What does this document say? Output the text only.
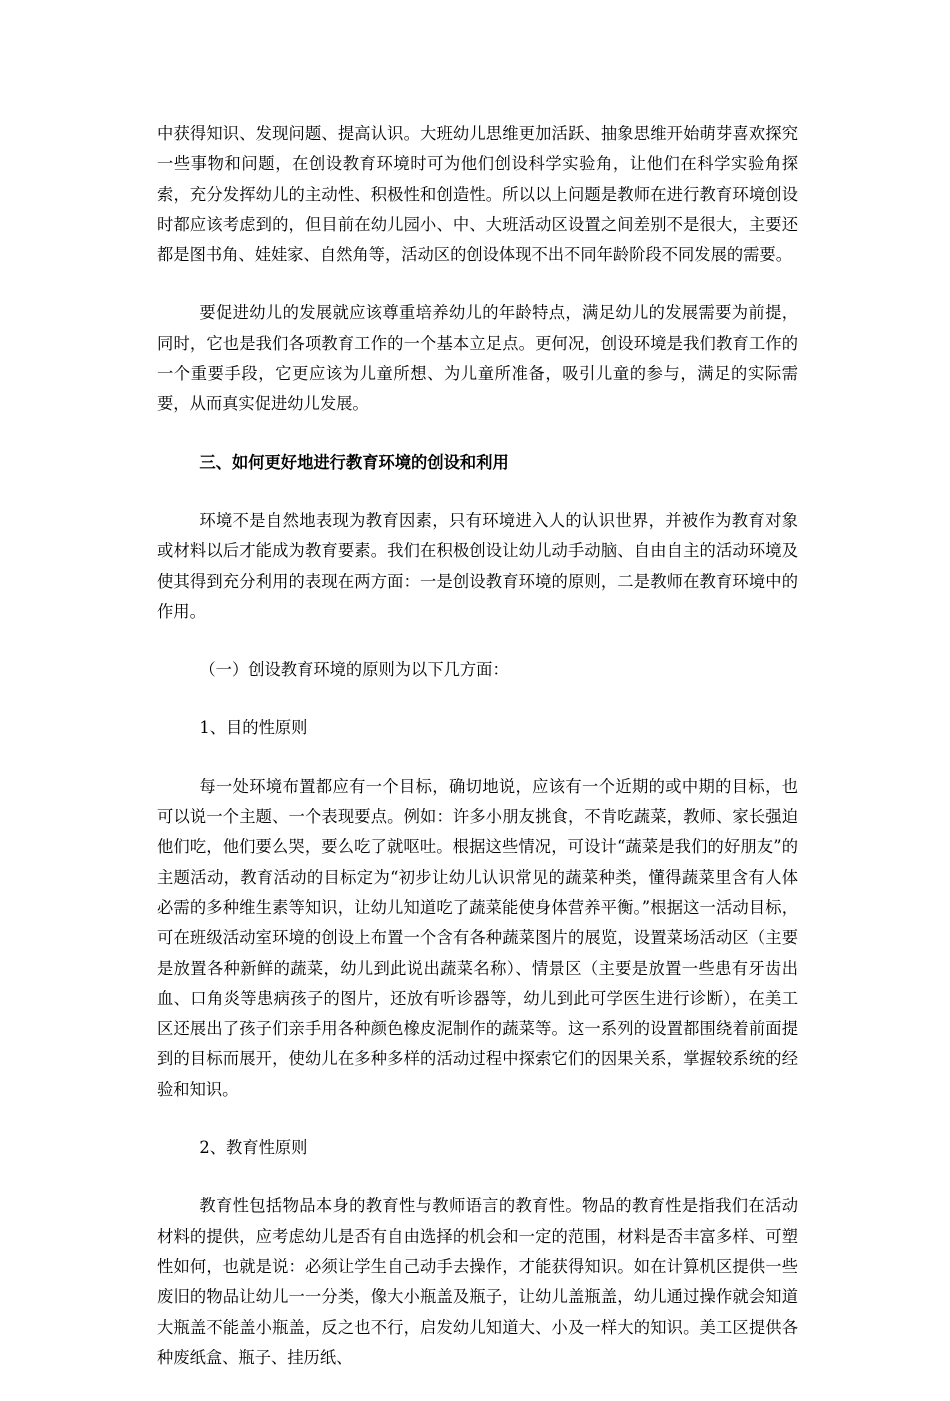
中获得知识、发现问题、提高认识。大班幼儿思维更加活跃、抽象思维开始萌芽喜欢探究一些事物和问题，在创设教育环境时可为他们创设科学实验角，让他们在科学实验角探索，充分发挥幼儿的主动性、积极性和创造性。所以以上问题是教师在进行教育环境创设时都应该考虑到的，但目前在幼儿园小、中、大班活动区设置之间差别不是很大，主要还都是图书角、娃娃家、自然角等，活动区的创设体现不出不同年龄阶段不同发展的需要。

要促进幼儿的发展就应该尊重培养幼儿的年龄特点，满足幼儿的发展需要为前提，同时，它也是我们各项教育工作的一个基本立足点。更何况，创设环境是我们教育工作的一个重要手段，它更应该为儿童所想、为儿童所准备，吸引儿童的参与，满足的实际需要，从而真实促进幼儿发展。

三、如何更好地进行教育环境的创设和利用

环境不是自然地表现为教育因素，只有环境进入人的认识世界，并被作为教育对象或材料以后才能成为教育要素。我们在积极创设让幼儿动手动脑、自由自主的活动环境及使其得到充分利用的表现在两方面：一是创设教育环境的原则，二是教师在教育环境中的作用。

（一）创设教育环境的原则为以下几方面：

1、目的性原则

每一处环境布置都应有一个目标，确切地说，应该有一个近期的或中期的目标，也可以说一个主题、一个表现要点。例如：许多小朋友挑食，不肯吃蔬菜，教师、家长强迫他们吃，他们要么哭，要么吃了就呕吐。根据这些情况，可设计“蔬菜是我们的好朋友”的主题活动，教育活动的目标定为“初步让幼儿认识常见的蔬菜种类，懂得蔬菜里含有人体必需的多种维生素等知识，让幼儿知道吃了蔬菜能使身体营养平衡。”根据这一活动目标，可在班级活动室环境的创设上布置一个含有各种蔬菜图片的展览，设置菜场活动区（主要是放置各种新鲜的蔬菜，幼儿到此说出蔬菜名称）、情景区（主要是放置一些患有牙齿出血、口角炎等患病孩子的图片，还放有听诊器等，幼儿到此可学医生进行诊断），在美工区还展出了孩子们亲手用各种颜色橡皮泥制作的蔬菜等。这一系列的设置都围绕着前面提到的目标而展开，使幼儿在多种多样的活动过程中探索它们的因果关系，掌握较系统的经验和知识。

2、教育性原则

教育性包括物品本身的教育性与教师语言的教育性。物品的教育性是指我们在活动材料的提供，应考虑幼儿是否有自由选择的机会和一定的范围，材料是否丰富多样、可塑性如何，也就是说：必须让学生自己动手去操作，才能获得知识。如在计算机区提供一些废旧的物品让幼儿一一分类，像大小瓶盖及瓶子，让幼儿盖瓶盖，幼儿通过操作就会知道大瓶盖不能盖小瓶盖，反之也不行，启发幼儿知道大、小及一样大的知识。美工区提供各种废纸盒、瓶子、挂历纸、
